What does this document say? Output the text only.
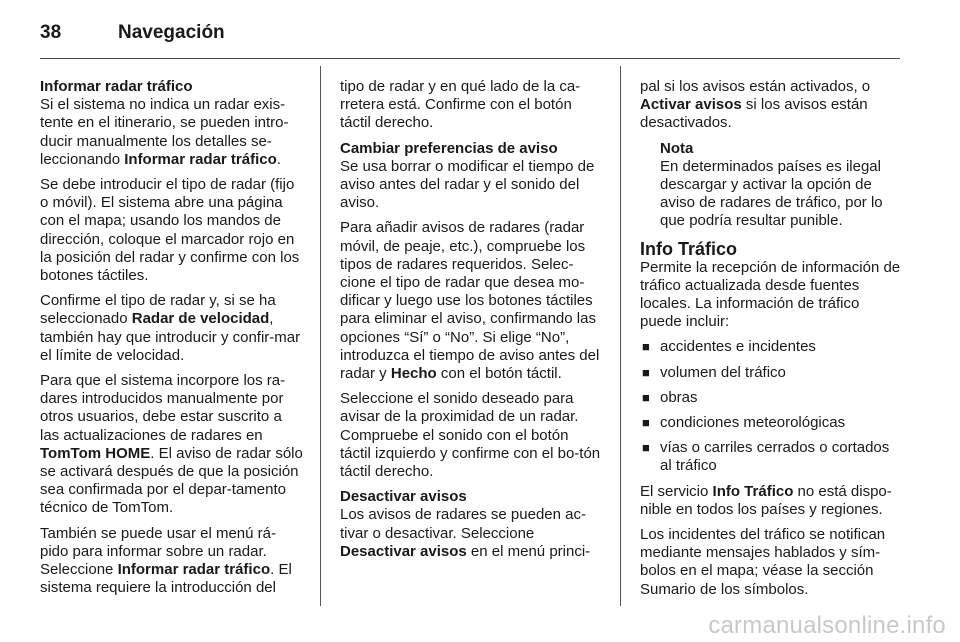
38	Navegación
Informar radar tráfico

Si el sistema no indica un radar exis-tente en el itinerario, se pueden intro-ducir manualmente los detalles se-leccionando Informar radar tráfico.

Se debe introducir el tipo de radar (fijo o móvil). El sistema abre una página con el mapa; usando los mandos de dirección, coloque el marcador rojo en la posición del radar y confirme con los botones táctiles.

Confirme el tipo de radar y, si se ha seleccionado Radar de velocidad, también hay que introducir y confir-mar el límite de velocidad.

Para que el sistema incorpore los ra-dares introducidos manualmente por otros usuarios, debe estar suscrito a las actualizaciones de radares en TomTom HOME. El aviso de radar sólo se activará después de que la posición sea confirmada por el depar-tamento técnico de TomTom.

También se puede usar el menú rá-pido para informar sobre un radar. Seleccione Informar radar tráfico. El sistema requiere la introducción del

tipo de radar y en qué lado de la ca-rretera está. Confirme con el botón táctil derecho.

Cambiar preferencias de aviso

Se usa borrar o modificar el tiempo de aviso antes del radar y el sonido del aviso.

Para añadir avisos de radares (radar móvil, de peaje, etc.), compruebe los tipos de radares requeridos. Selec-cione el tipo de radar que desea mo-dificar y luego use los botones táctiles para eliminar el aviso, confirmando las opciones “Sí” o “No”. Si elige “No”, introduzca el tiempo de aviso antes del radar y Hecho con el botón táctil.

Seleccione el sonido deseado para avisar de la proximidad de un radar. Compruebe el sonido con el botón táctil izquierdo y confirme con el bo-tón táctil derecho.

Desactivar avisos

Los avisos de radares se pueden ac-tivar o desactivar. Seleccione Desactivar avisos en el menú princi-

pal si los avisos están activados, o Activar avisos si los avisos están desactivados.

Nota
En determinados países es ilegal descargar y activar la opción de aviso de radares de tráfico, por lo que podría resultar punible.
Info Tráfico

Permite la recepción de información de tráfico actualizada desde fuentes locales. La información de tráfico puede incluir:

■ accidentes e incidentes
■ volumen del tráfico
■ obras
■ condiciones meteorológicas
■ vías o carriles cerrados o cortados al tráfico

El servicio Info Tráfico no está dispo-nible en todos los países y regiones.

Los incidentes del tráfico se notifican mediante mensajes hablados y sím-bolos en el mapa; véase la sección Sumario de los símbolos.

carmanualsonline.info
